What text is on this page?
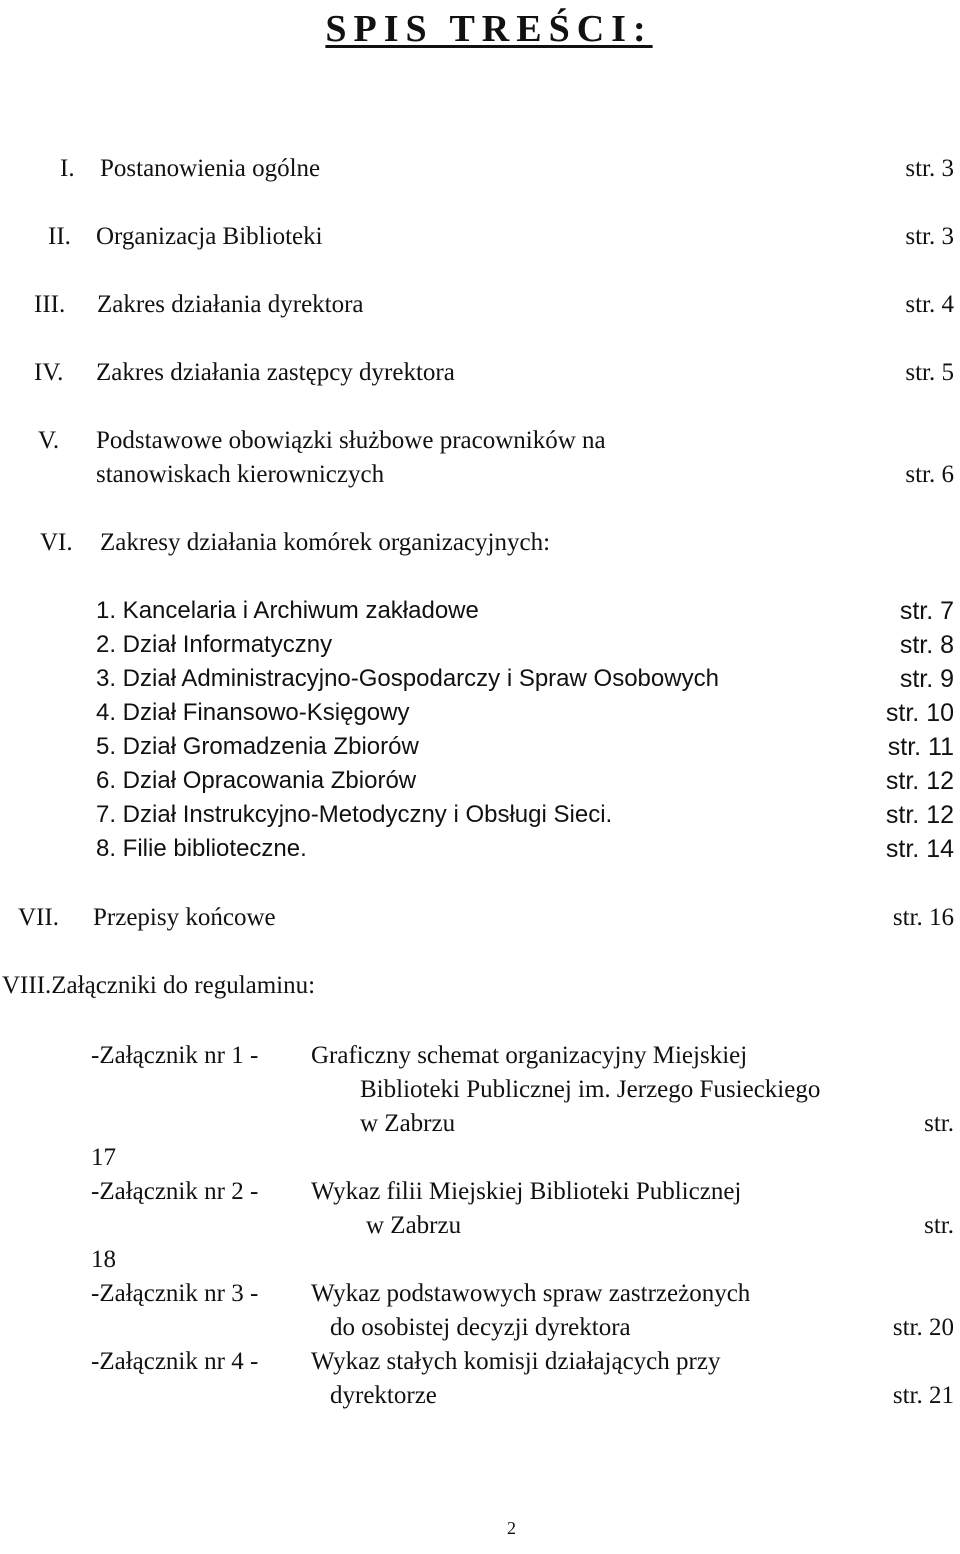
SPIS TREŚCI:
I. Postanowienia ogólne	str. 3
II. Organizacja Biblioteki	str. 3
III. Zakres działania dyrektora	str. 4
IV. Zakres działania zastępcy dyrektora	str. 5
V. Podstawowe obowiązki służbowe pracowników na
stanowiskach kierowniczych	str. 6
VI. Zakresy działania komórek organizacyjnych:
1. Kancelaria i Archiwum zakładowe	str. 7
2. Dział Informatyczny	str. 8
3. Dział Administracyjno-Gospodarczy i Spraw Osobowych	str. 9
4. Dział Finansowo-Księgowy	str. 10
5. Dział Gromadzenia Zbiorów	str. 11
6. Dział Opracowania Zbiorów	str. 12
7. Dział Instrukcyjno-Metodyczny i Obsługi Sieci.	str. 12
8. Filie biblioteczne.	str. 14
VII. Przepisy końcowe	str. 16
VIII.Załączniki do regulaminu:
-Załącznik nr 1 - Graficzny schemat organizacyjny Miejskiej
Biblioteki Publicznej im. Jerzego Fusieckiego
w Zabrzu	str.
17
-Załącznik nr 2 - Wykaz filii Miejskiej Biblioteki Publicznej
w Zabrzu	str.
18
-Załącznik nr 3 - Wykaz podstawowych spraw zastrzeżonych
do osobistej decyzji dyrektora	str. 20
-Załącznik nr 4 - Wykaz stałych komisji działających przy
dyrektorze	str. 21
2
